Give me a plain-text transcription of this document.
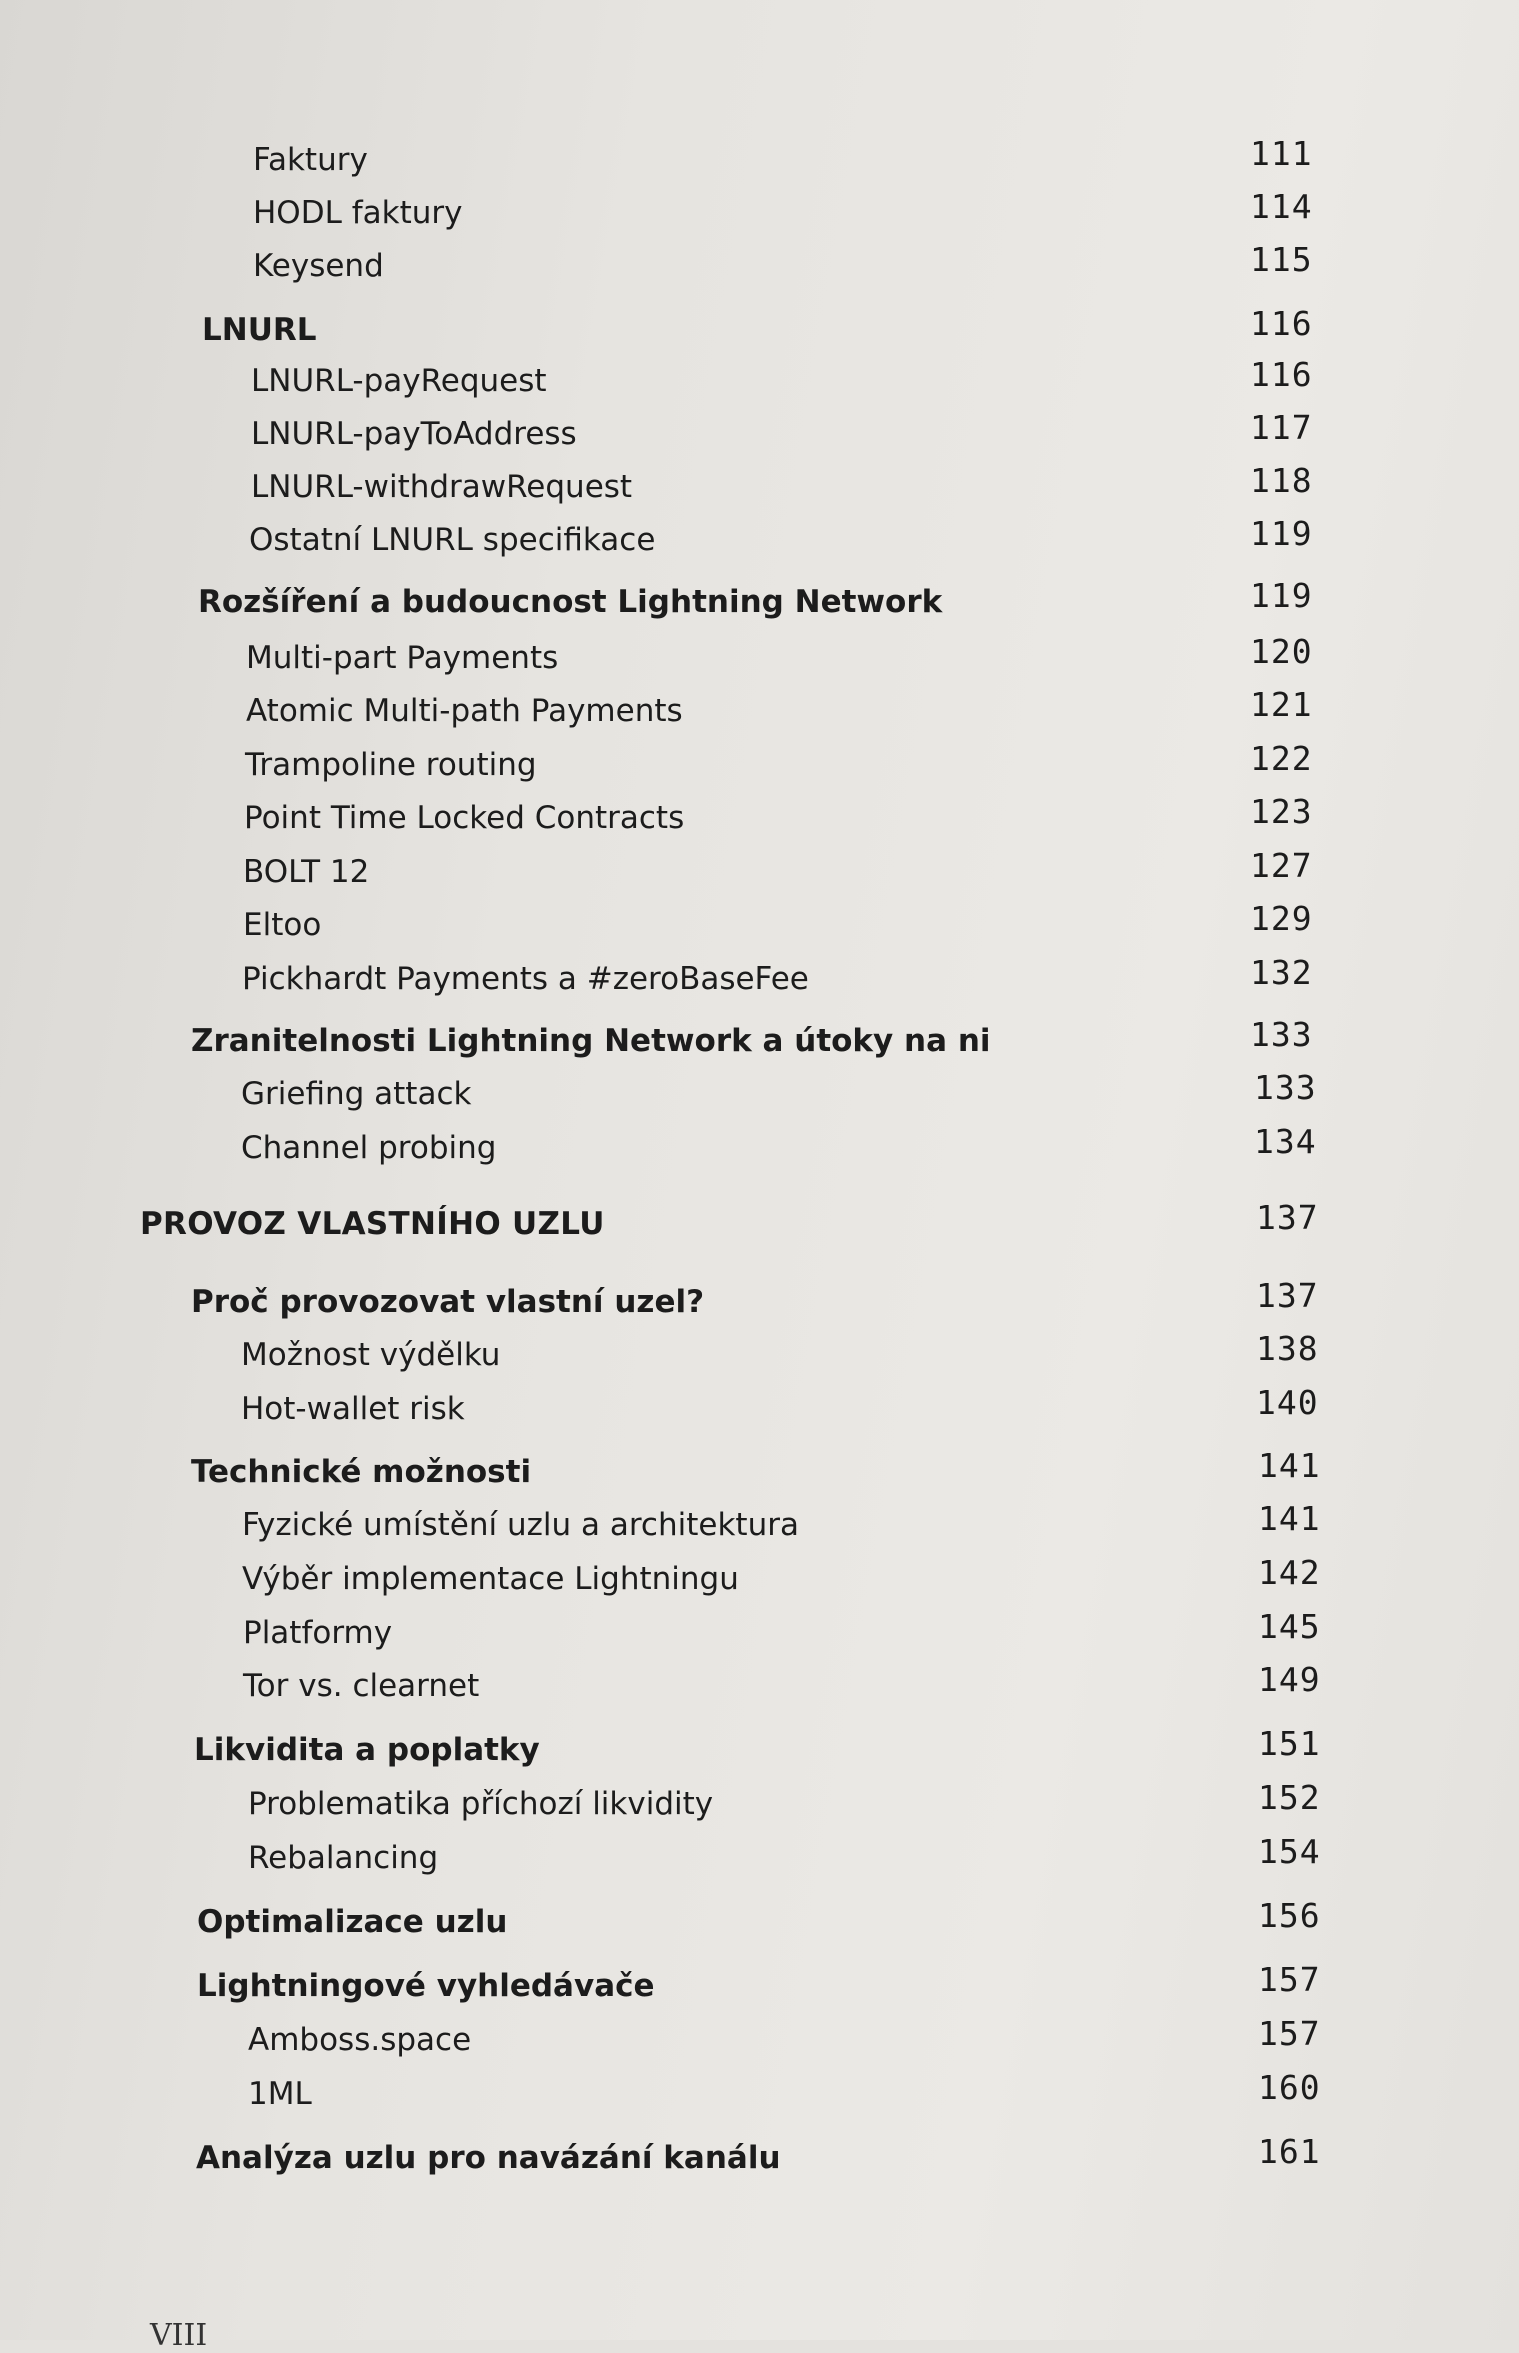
Faktury	111
HODL faktury	114
Keysend	115
LNURL	116
LNURL-payRequest	116
LNURL-payToAddress	117
LNURL-withdrawRequest	118
Ostatní LNURL specifikace	119
Rozšíření a budoucnost Lightning Network	119
Multi-part Payments	120
Atomic Multi-path Payments	121
Trampoline routing	122
Point Time Locked Contracts	123
BOLT 12	127
Eltoo	129
Pickhardt Payments a #zeroBaseFee	132
Zranitelnosti Lightning Network a útoky na ni	133
Griefing attack	133
Channel probing	134
PROVOZ VLASTNÍHO UZLU	137
Proč provozovat vlastní uzel?	137
Možnost výdělku	138
Hot-wallet risk	140
Technické možnosti	141
Fyzické umístění uzlu a architektura	141
Výběr implementace Lightningu	142
Platformy	145
Tor vs. clearnet	149
Likvidita a poplatky	151
Problematika příchozí likvidity	152
Rebalancing	154
Optimalizace uzlu	156
Lightningové vyhledávače	157
Amboss.space	157
1ML	160
Analýza uzlu pro navázání kanálu	161
VIII
